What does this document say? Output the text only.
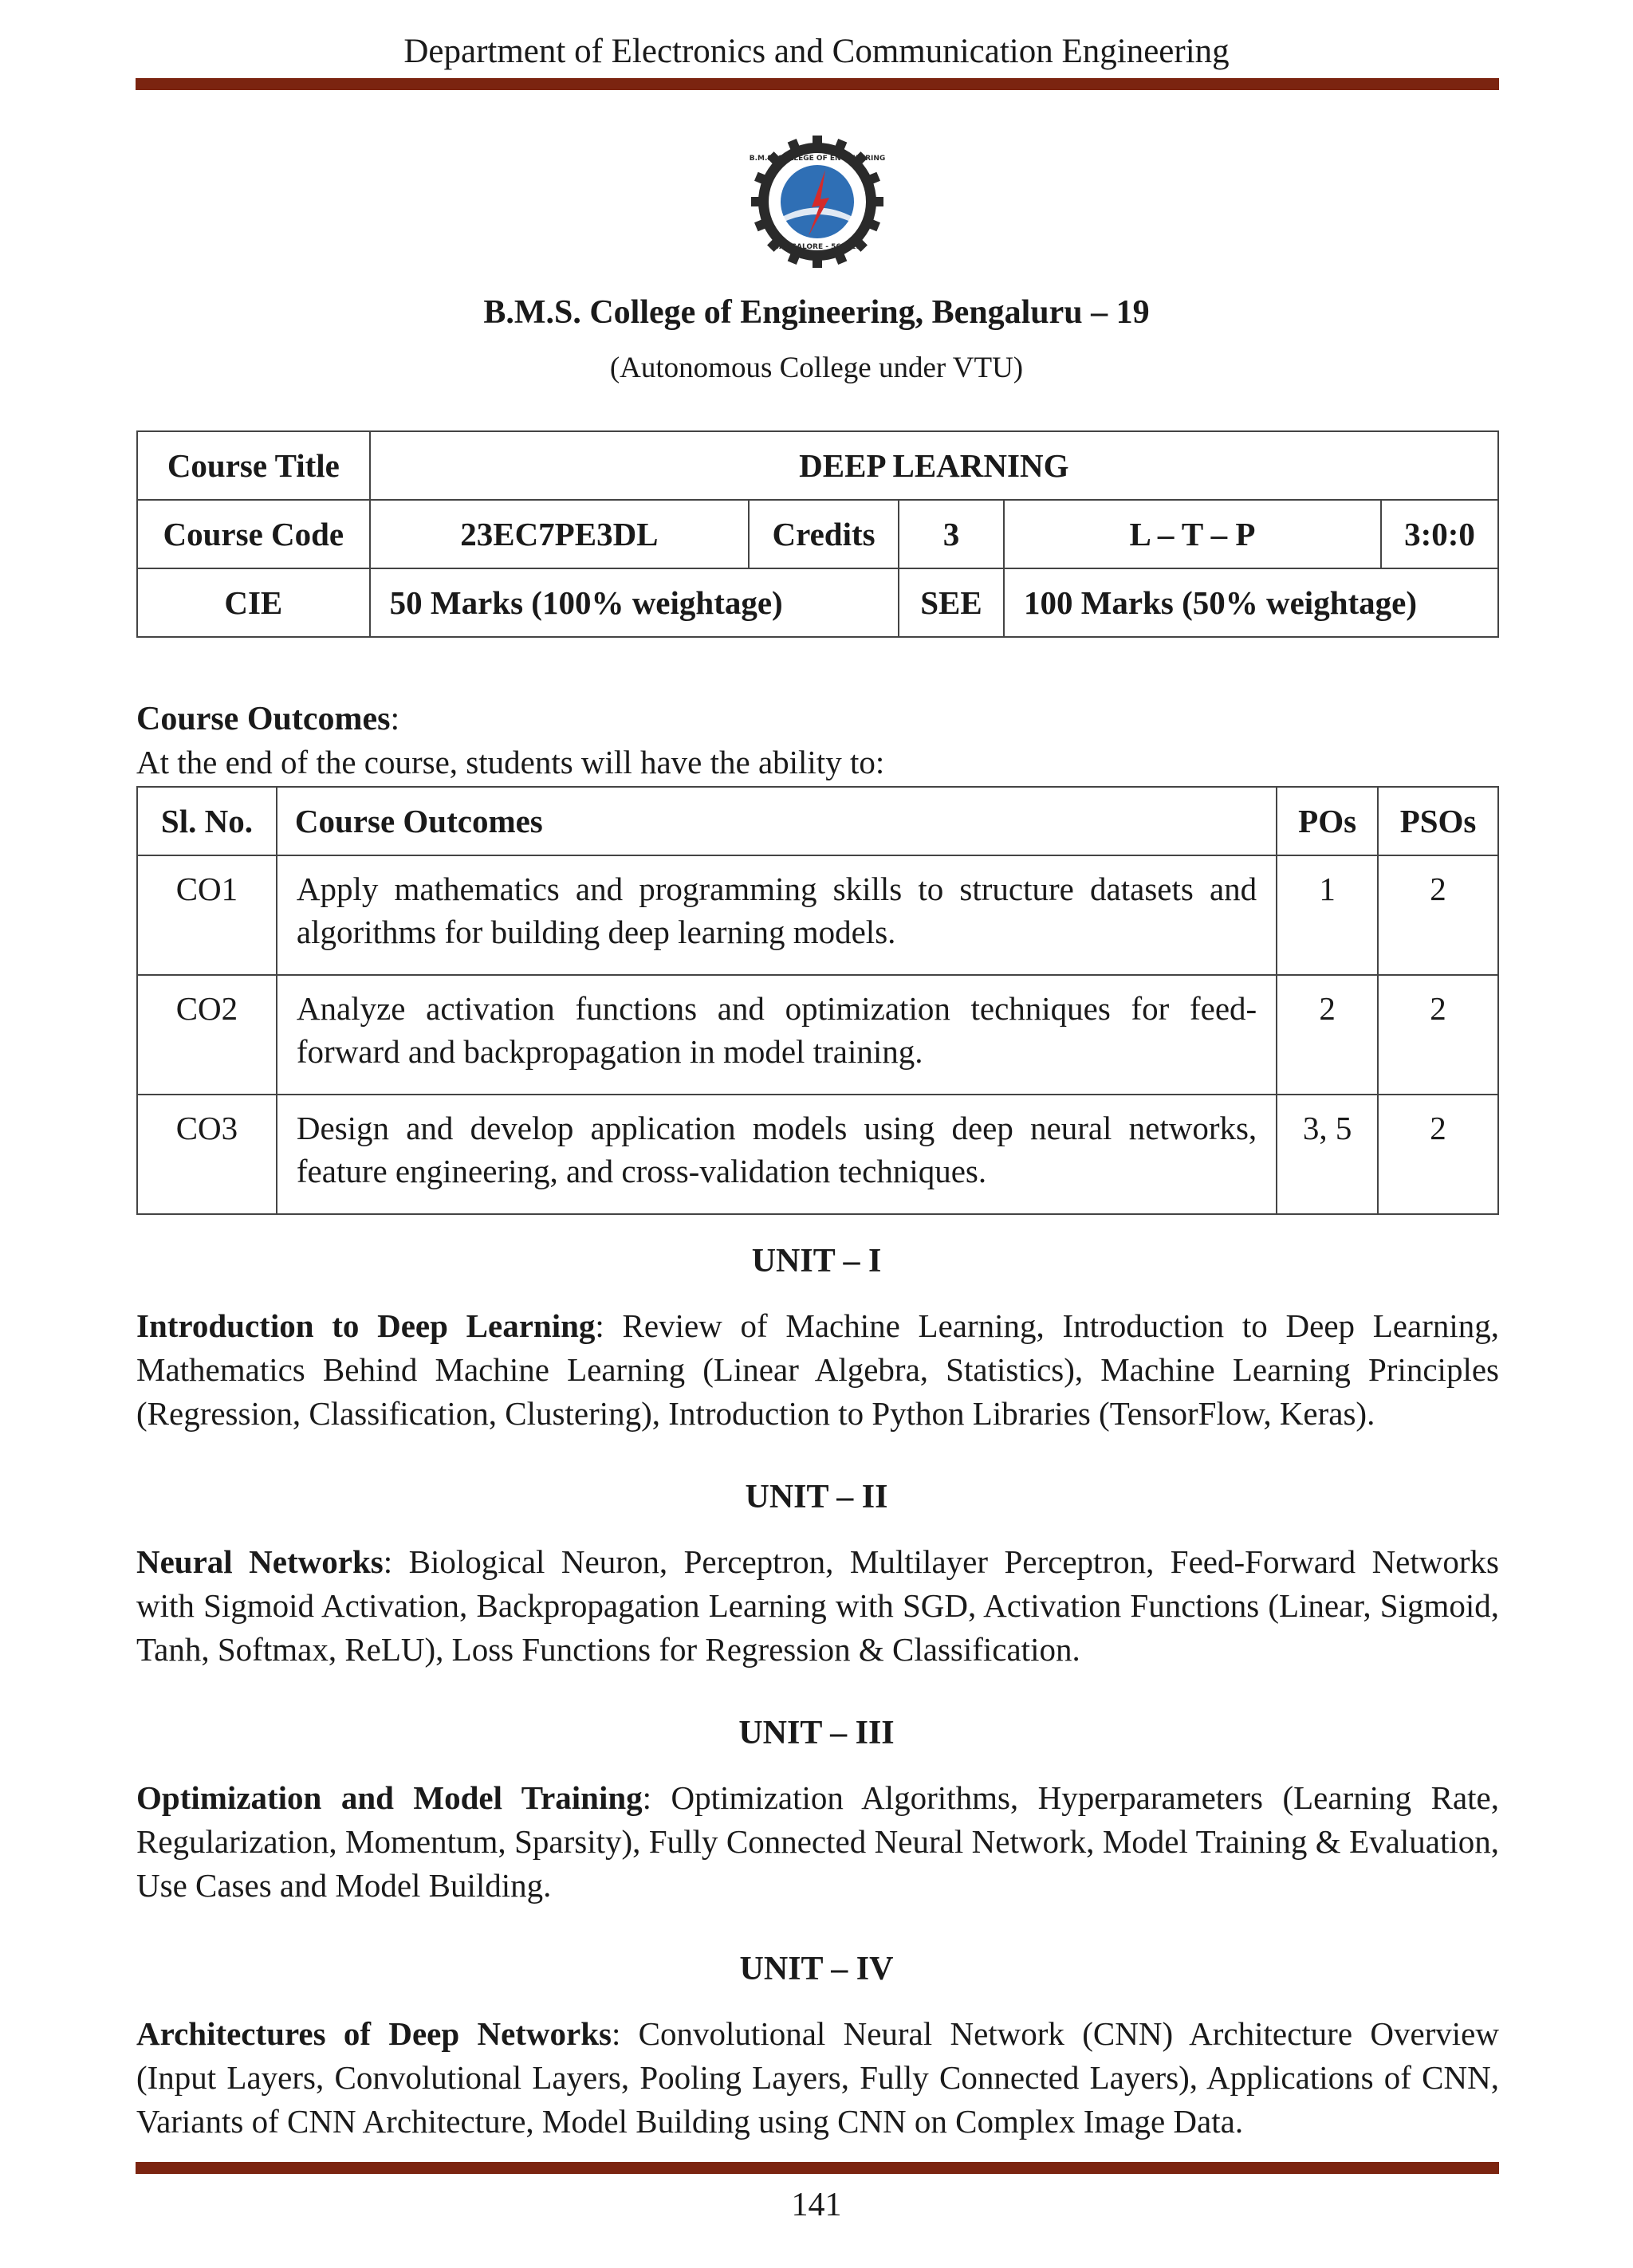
Department of Electronics and Communication Engineering
B.M.S. COLLEGE OF ENGINEERING
BANGALORE - 560019
B.M.S. College of Engineering, Bengaluru – 19
(Autonomous College under VTU)
Course Title	DEEP LEARNING				
Course Code	23EC7PE3DL	Credits	3	L – T – P	3:0:0
CIE	50 Marks (100% weightage)		SEE	100 Marks (50% weightage)	
Course Outcomes:
At the end of the course, students will have the ability to:
Sl. No.	Course Outcomes	POs	PSOs
CO1	Apply mathematics and programming skills to structure datasets and algorithms for building deep learning models.	1	2
CO2	Analyze activation functions and optimization techniques for feed-forward and backpropagation in model training.	2	2
CO3	Design and develop application models using deep neural networks, feature engineering, and cross-validation techniques.	3, 5	2
UNIT – I
Introduction to Deep Learning: Review of Machine Learning, Introduction to Deep Learning, Mathematics Behind Machine Learning (Linear Algebra, Statistics), Machine Learning Principles (Regression, Classification, Clustering), Introduction to Python Libraries (TensorFlow, Keras).
UNIT – II
Neural Networks: Biological Neuron, Perceptron, Multilayer Perceptron, Feed-Forward Networks with Sigmoid Activation, Backpropagation Learning with SGD, Activation Functions (Linear, Sigmoid, Tanh, Softmax, ReLU), Loss Functions for Regression & Classification.
UNIT – III
Optimization and Model Training: Optimization Algorithms, Hyperparameters (Learning Rate, Regularization, Momentum, Sparsity), Fully Connected Neural Network, Model Training & Evaluation, Use Cases and Model Building.
UNIT – IV
Architectures of Deep Networks: Convolutional Neural Network (CNN) Architecture Overview (Input Layers, Convolutional Layers, Pooling Layers, Fully Connected Layers), Applications of CNN, Variants of CNN Architecture, Model Building using CNN on Complex Image Data.
141
